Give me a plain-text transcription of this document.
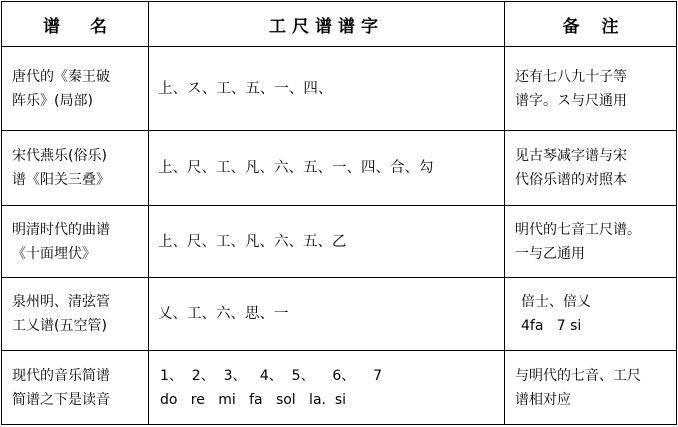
谱名	工尺谱谱字	备注

唐代的《秦王破
阵乐》(局部)	上、ス、工、五、一、四、	还有七八九十子等
谱字。ス与尺通用

宋代燕乐(俗乐)
谱《阳关三叠》	上、尺、工、凡、六、五、一、四、合、勾	见古琴减字谱与宋
代俗乐谱的对照本

明清时代的曲谱
《十面埋伏》	上、尺、工、凡、六、五、乙	明代的七音工尺谱。
一与乙通用

泉州明、清弦管
工乂谱(五空管)	乂、工、六、思、一	倍士、倍乂
4fa   7 si

现代的音乐简谱
简谱之下是读音	1、  2、  3、   4、  5、    6、    7
do   re   mi   fa   sol   la.  si	与明代的七音、工尺
谱相对应
